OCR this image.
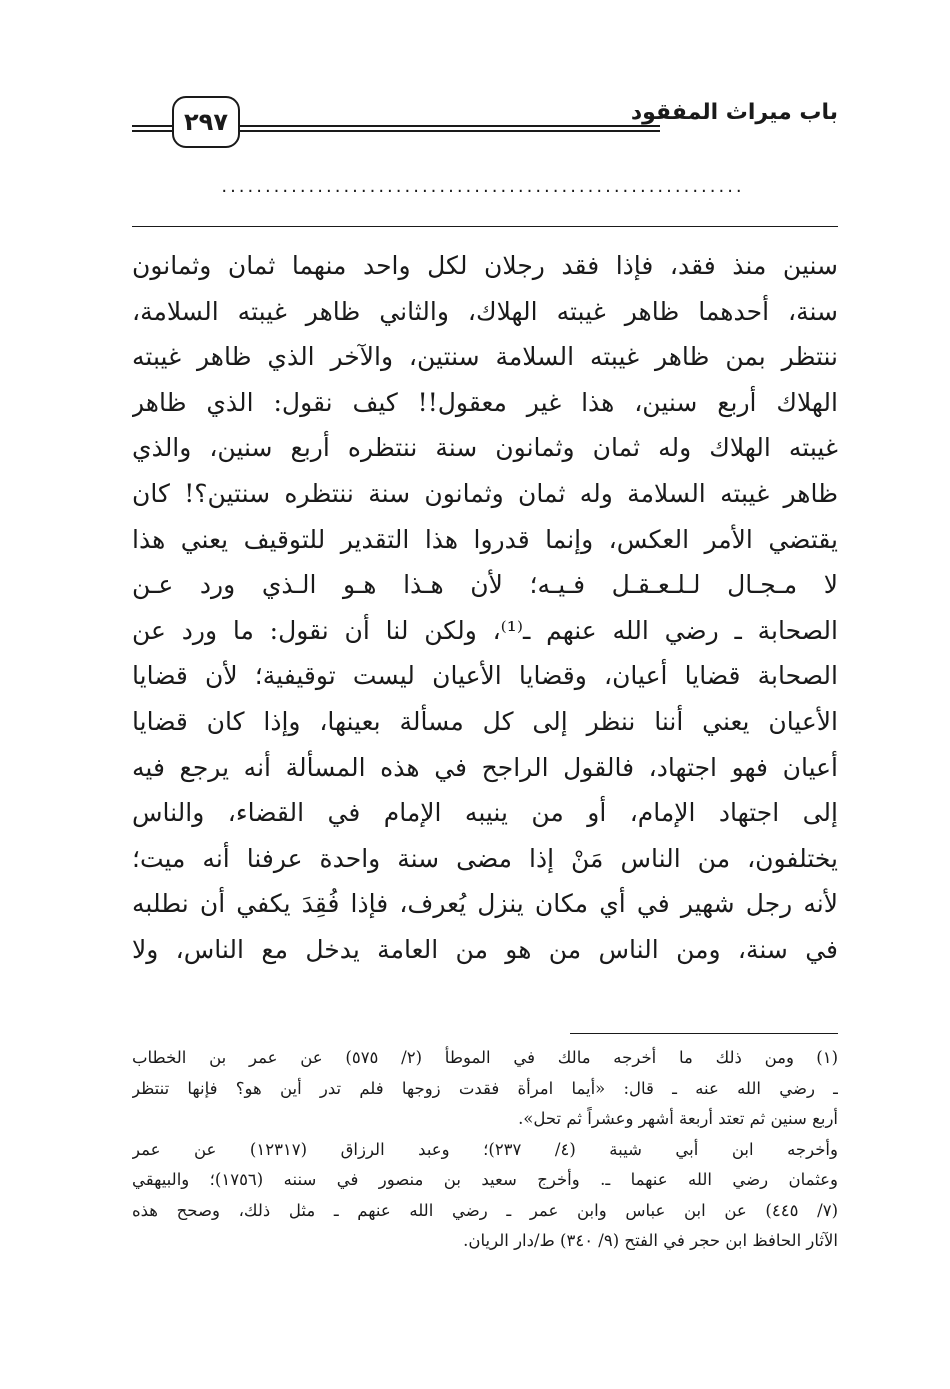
باب ميراث المفقود
٢٩٧
............................................................
سنين منذ فقد، فإذا فقد رجلان لكل واحد منهما ثمان وثمانون
سنة، أحدهما ظاهر غيبته الهلاك، والثاني ظاهر غيبته السلامة،
ننتظر بمن ظاهر غيبته السلامة سنتين، والآخر الذي ظاهر غيبته
الهلاك أربع سنين، هذا غير معقول!! كيف نقول: الذي ظاهر
غيبته الهلاك وله ثمان وثمانون سنة ننتظره أربع سنين، والذي
ظاهر غيبته السلامة وله ثمان وثمانون سنة ننتظره سنتين؟! كان
يقتضي الأمر العكس، وإنما قدروا هذا التقدير للتوقيف يعني هذا
لا مـجـال لـلـعـقـل فـيـه؛ لأن هـذا هـو الـذي ورد عـن
الصحابة ـ رضي الله عنهم ـ⁽¹⁾، ولكن لنا أن نقول: ما ورد عن
الصحابة قضايا أعيان، وقضايا الأعيان ليست توقيفية؛ لأن قضايا
الأعيان يعني أننا ننظر إلى كل مسألة بعينها، وإذا كان قضايا
أعيان فهو اجتهاد، فالقول الراجح في هذه المسألة أنه يرجع فيه
إلى اجتهاد الإمام، أو من ينيبه الإمام في القضاء، والناس
يختلفون، من الناس مَنْ إذا مضى سنة واحدة عرفنا أنه ميت؛
لأنه رجل شهير في أي مكان ينزل يُعرف، فإذا فُقِدَ يكفي أن نطلبه
في سنة، ومن الناس من هو من العامة يدخل مع الناس، ولا
(١)ومن ذلك ما أخرجه مالك في الموطأ (٢/ ٥٧٥) عن عمر بن الخطاب
ـ رضي الله عنه ـ قال: «أيما امرأة فقدت زوجها فلم تدر أين هو؟ فإنها تنتظر
أربع سنين ثم تعتد أربعة أشهر وعشراً ثم تحل».
وأخرجه ابن أبي شيبة (٤/ ٢٣٧)؛ وعبد الرزاق (١٢٣١٧) عن عمر
وعثمان رضي الله عنهما ـ. وأخرج سعيد بن منصور في سننه (١٧٥٦)؛ والبيهقي
(٧/ ٤٤٥) عن ابن عباس وابن عمر ـ رضي الله عنهم ـ مثل ذلك، وصحح هذه
الآثار الحافظ ابن حجر في الفتح (٩/ ٣٤٠) ط/دار الريان.
